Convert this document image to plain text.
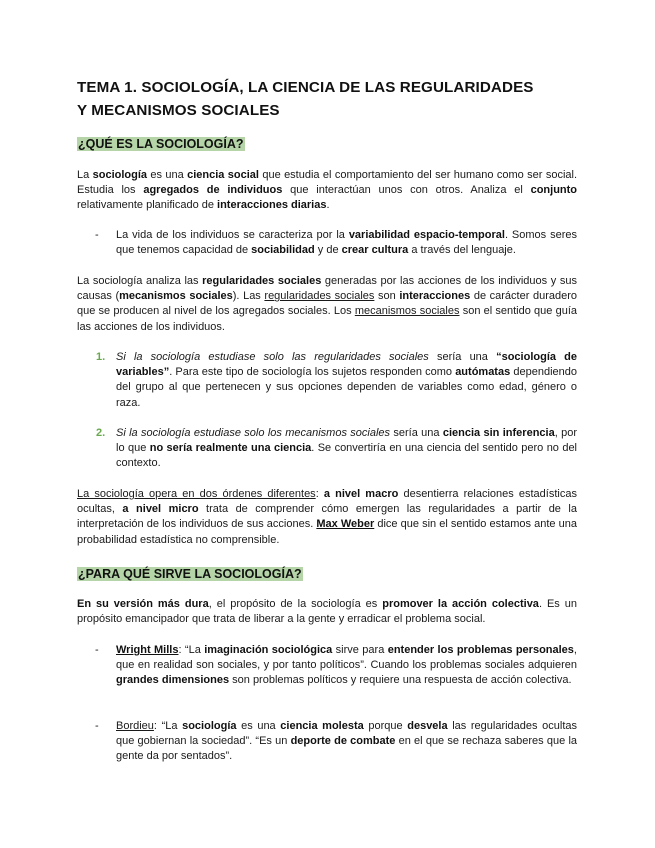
TEMA 1. SOCIOLOGÍA, LA CIENCIA DE LAS REGULARIDADES
Y MECANISMOS SOCIALES
¿QUÉ ES LA SOCIOLOGÍA?

La sociología es una ciencia social que estudia el comportamiento del ser humano como ser social. Estudia los agregados de individuos que interactúan unos con otros. Analiza el conjunto relativamente planificado de interacciones diarias.

- La vida de los individuos se caracteriza por la variabilidad espacio-temporal. Somos seres que tenemos capacidad de sociabilidad y de crear cultura a través del lenguaje.

La sociología analiza las regularidades sociales generadas por las acciones de los individuos y sus causas (mecanismos sociales). Las regularidades sociales son interacciones de carácter duradero que se producen al nivel de los agregados sociales. Los mecanismos sociales son el sentido que guía las acciones de los individuos.

1. Si la sociología estudiase solo las regularidades sociales sería una “sociología de variables”. Para este tipo de sociología los sujetos responden como autómatas dependiendo del grupo al que pertenecen y sus opciones dependen de variables como edad, género o raza.

2. Si la sociología estudiase solo los mecanismos sociales sería una ciencia sin inferencia, por lo que no sería realmente una ciencia. Se convertiría en una ciencia del sentido pero no del contexto.

La sociología opera en dos órdenes diferentes: a nivel macro desentierra relaciones estadísticas ocultas, a nivel micro trata de comprender cómo emergen las regularidades a partir de la interpretación de los individuos de sus acciones. Max Weber dice que sin el sentido estamos ante una probabilidad estadística no comprensible.

¿PARA QUÉ SIRVE LA SOCIOLOGÍA?

En su versión más dura, el propósito de la sociología es promover la acción colectiva. Es un propósito emancipador que trata de liberar a la gente y erradicar el problema social.

- Wright Mills: “La imaginación sociológica sirve para entender los problemas personales, que en realidad son sociales, y por tanto políticos”. Cuando los problemas sociales adquieren grandes dimensiones son problemas políticos y requiere una respuesta de acción colectiva.

- Bordieu: “La sociología es una ciencia molesta porque desvela las regularidades ocultas que gobiernan la sociedad”. “Es un deporte de combate en el que se rechaza saberes que la gente da por sentados”.
